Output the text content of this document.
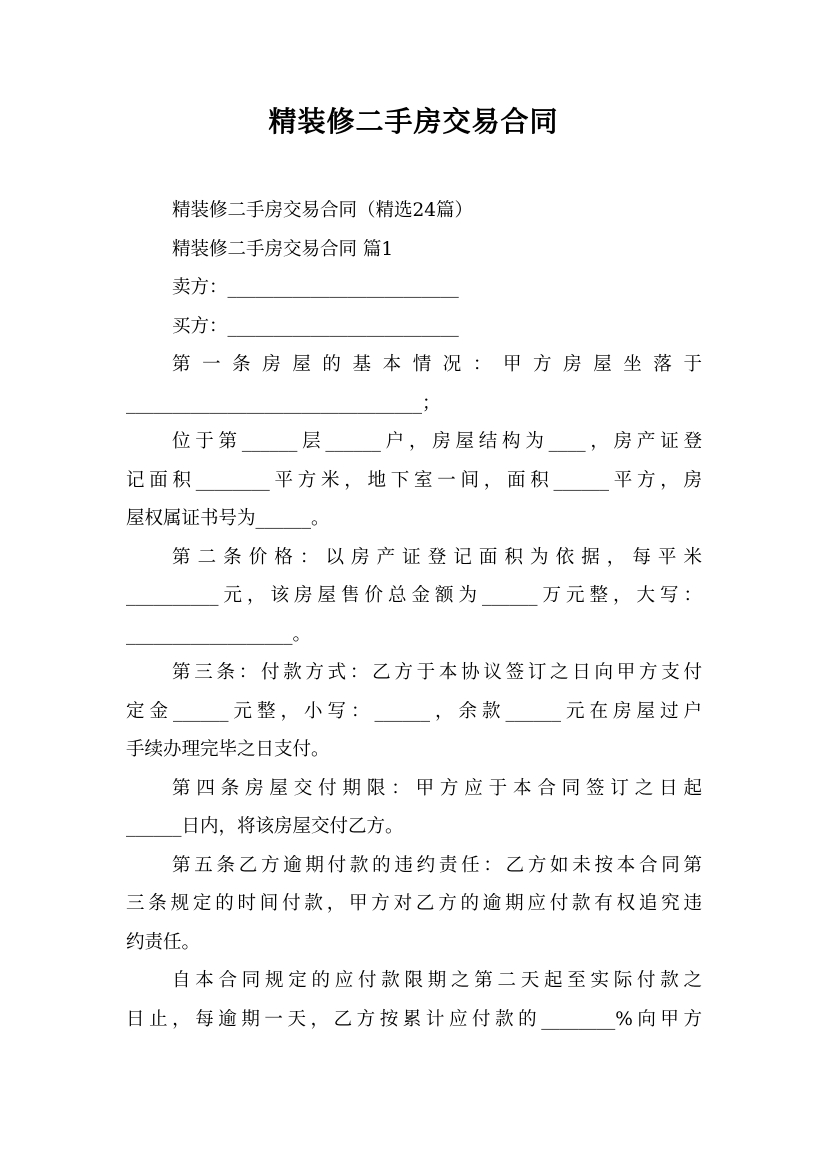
精装修二手房交易合同

精装修二手房交易合同（精选24篇）

精装修二手房交易合同 篇1

卖方：_________________________

买方：_________________________

第一条房屋的基本情况：甲方房屋坐落于

________________________________；

位于第______层______户，房屋结构为____，房产证登

记面积________平方米，地下室一间，面积______平方，房

屋权属证书号为______。

第二条价格：以房产证登记面积为依据，每平米

__________元，该房屋售价总金额为______万元整，大写：

__________________。

第三条：付款方式：乙方于本协议签订之日向甲方支付

定金______元整，小写：______，余款______元在房屋过户

手续办理完毕之日支付。

第四条房屋交付期限：甲方应于本合同签订之日起

______日内，将该房屋交付乙方。

第五条乙方逾期付款的违约责任：乙方如未按本合同第

三条规定的时间付款，甲方对乙方的逾期应付款有权追究违

约责任。

自本合同规定的应付款限期之第二天起至实际付款之

日止，每逾期一天，乙方按累计应付款的________%向甲方
